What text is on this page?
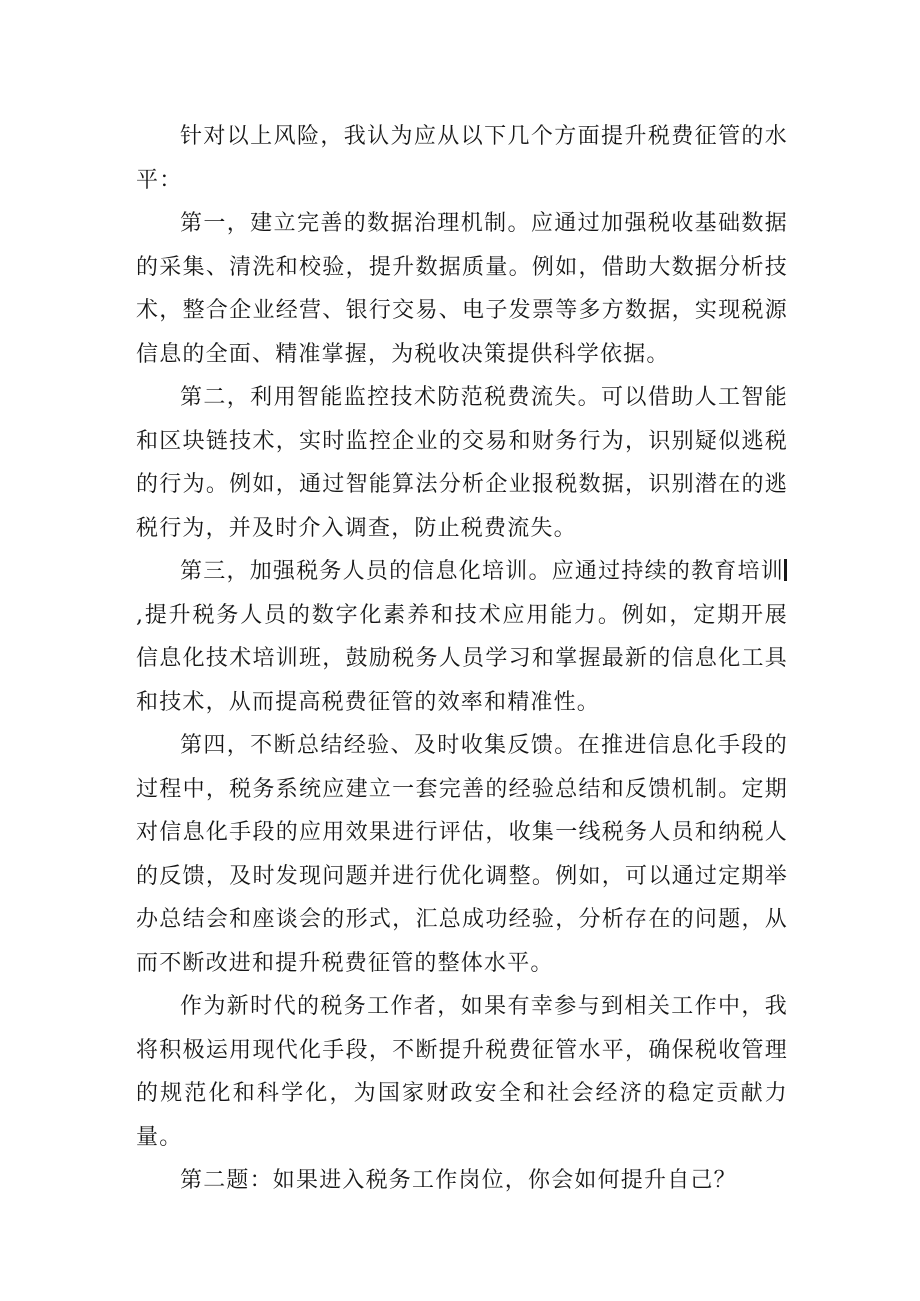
针对以上风险，我认为应从以下几个方面提升税费征管的水平：

第一，建立完善的数据治理机制。应通过加强税收基础数据的采集、清洗和校验，提升数据质量。例如，借助大数据分析技术，整合企业经营、银行交易、电子发票等多方数据，实现税源信息的全面、精准掌握，为税收决策提供科学依据。

第二，利用智能监控技术防范税费流失。可以借助人工智能和区块链技术，实时监控企业的交易和财务行为，识别疑似逃税的行为。例如，通过智能算法分析企业报税数据，识别潜在的逃税行为，并及时介入调查，防止税费流失。

第三，加强税务人员的信息化培训。应通过持续的教育培训,提升税务人员的数字化素养和技术应用能力。例如，定期开展信息化技术培训班，鼓励税务人员学习和掌握最新的信息化工具和技术，从而提高税费征管的效率和精准性。

第四，不断总结经验、及时收集反馈。在推进信息化手段的过程中，税务系统应建立一套完善的经验总结和反馈机制。定期对信息化手段的应用效果进行评估，收集一线税务人员和纳税人的反馈，及时发现问题并进行优化调整。例如，可以通过定期举办总结会和座谈会的形式，汇总成功经验，分析存在的问题，从而不断改进和提升税费征管的整体水平。

作为新时代的税务工作者，如果有幸参与到相关工作中，我将积极运用现代化手段，不断提升税费征管水平，确保税收管理的规范化和科学化，为国家财政安全和社会经济的稳定贡献力量。

第二题：如果进入税务工作岗位，你会如何提升自己？
